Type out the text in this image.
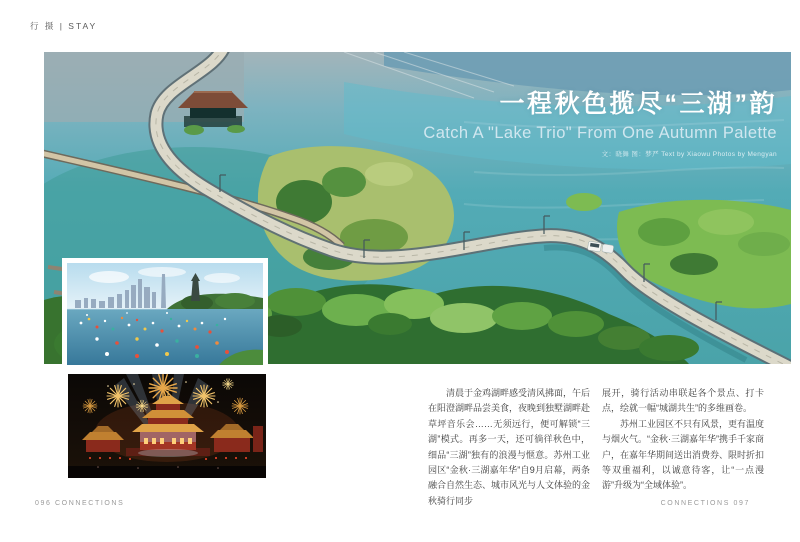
行 摄 | STAY
一程秋色揽尽“三湖”韵
Catch A "Lake Trio" From One Autumn Palette
文：晓舞 图：梦严 Text by Xiaowu Photos by Mengyan

清晨于金鸡湖畔感受清风拂面，午后在阳澄湖畔品尝美食，夜晚到独墅湖畔赴草坪音乐会……无须远行，便可解锁“三湖”模式。再多一天，还可徜徉秋色中，细品“三湖”独有的浪漫与惬意。苏州工业园区“金秋·三湖嘉年华”自9月启幕，两条融合自然生态、城市风光与人文体验的金秋骑行同步

展开，骑行活动串联起各个景点、打卡点，绘就一幅“城湖共生”的多维画卷。

苏州工业园区不只有风景，更有温度与烟火气。“金秋·三湖嘉年华”携手千家商户，在嘉年华期间送出消费券、限时折扣等双重福利，以诚意待客，让“一点漫游”升级为“全域体验”。

096 CONNECTIONS	CONNECTIONS 097
